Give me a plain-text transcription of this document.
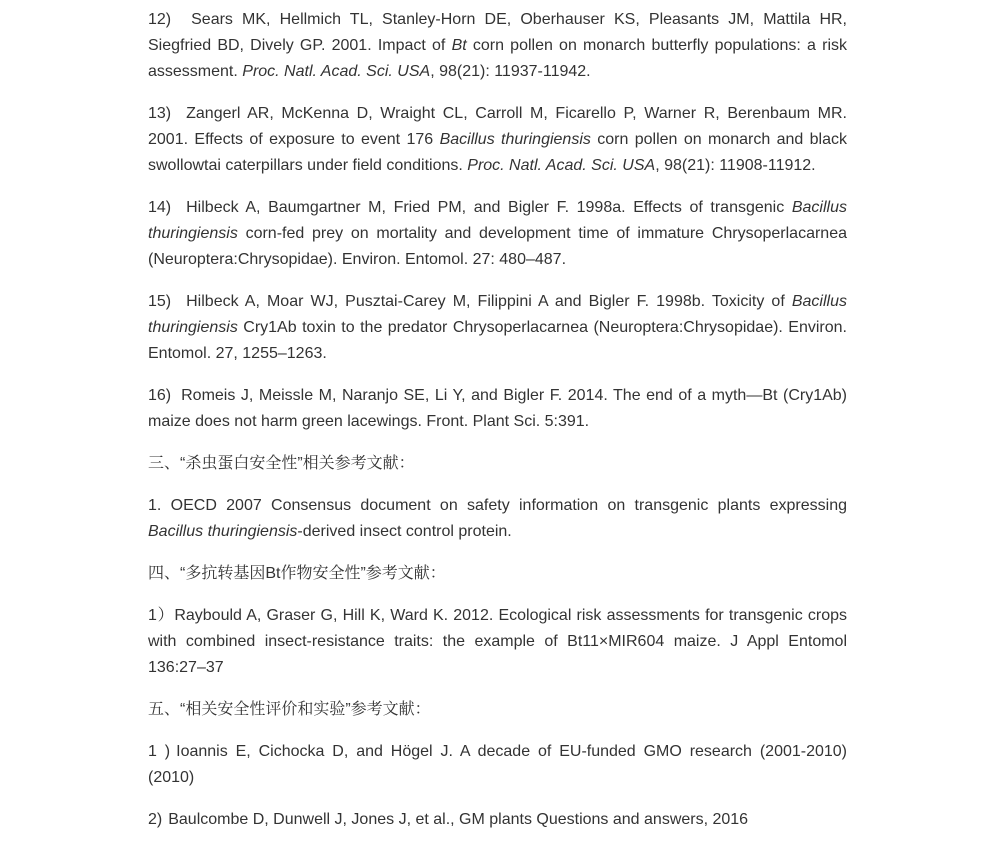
12) Sears MK, Hellmich TL, Stanley-Horn DE, Oberhauser KS, Pleasants JM, Mattila HR, Siegfried BD, Dively GP. 2001. Impact of Bt corn pollen on monarch butterfly populations: a risk assessment. Proc. Natl. Acad. Sci. USA, 98(21): 11937-11942.

13) Zangerl AR, McKenna D, Wraight CL, Carroll M, Ficarello P, Warner R, Berenbaum MR. 2001. Effects of exposure to event 176 Bacillus thuringiensis corn pollen on monarch and black swollowtai caterpillars under field conditions. Proc. Natl. Acad. Sci. USA, 98(21): 11908-11912.

14) Hilbeck A, Baumgartner M, Fried PM, and Bigler F. 1998a. Effects of transgenic Bacillus thuringiensis corn-fed prey on mortality and development time of immature Chrysoperlacarnea (Neuroptera:Chrysopidae). Environ. Entomol. 27: 480–487.

15) Hilbeck A, Moar WJ, Pusztai-Carey M, Filippini A and Bigler F. 1998b. Toxicity of Bacillus thuringiensis Cry1Ab toxin to the predator Chrysoperlacarnea (Neuroptera:Chrysopidae). Environ. Entomol. 27, 1255–1263.

16) Romeis J, Meissle M, Naranjo SE, Li Y, and Bigler F. 2014. The end of a myth—Bt (Cry1Ab) maize does not harm green lacewings. Front. Plant Sci. 5:391.

三、“杀虫蛋白安全性”相关参考文献：

1. OECD 2007 Consensus document on safety information on transgenic plants expressing Bacillus thuringiensis-derived insect control protein.

四、“多抗转基因Bt作物安全性”参考文献：

1）Raybould A, Graser G, Hill K, Ward K. 2012. Ecological risk assessments for transgenic crops with combined insect-resistance traits: the example of Bt11×MIR604 maize. J Appl Entomol 136:27–37

五、“相关安全性评价和实验”参考文献：

1 ) Ioannis E, Cichocka D, and Högel J. A decade of EU-funded GMO research (2001-2010) (2010)

2) Baulcombe D, Dunwell J, Jones J, et al., GM plants Questions and answers, 2016
